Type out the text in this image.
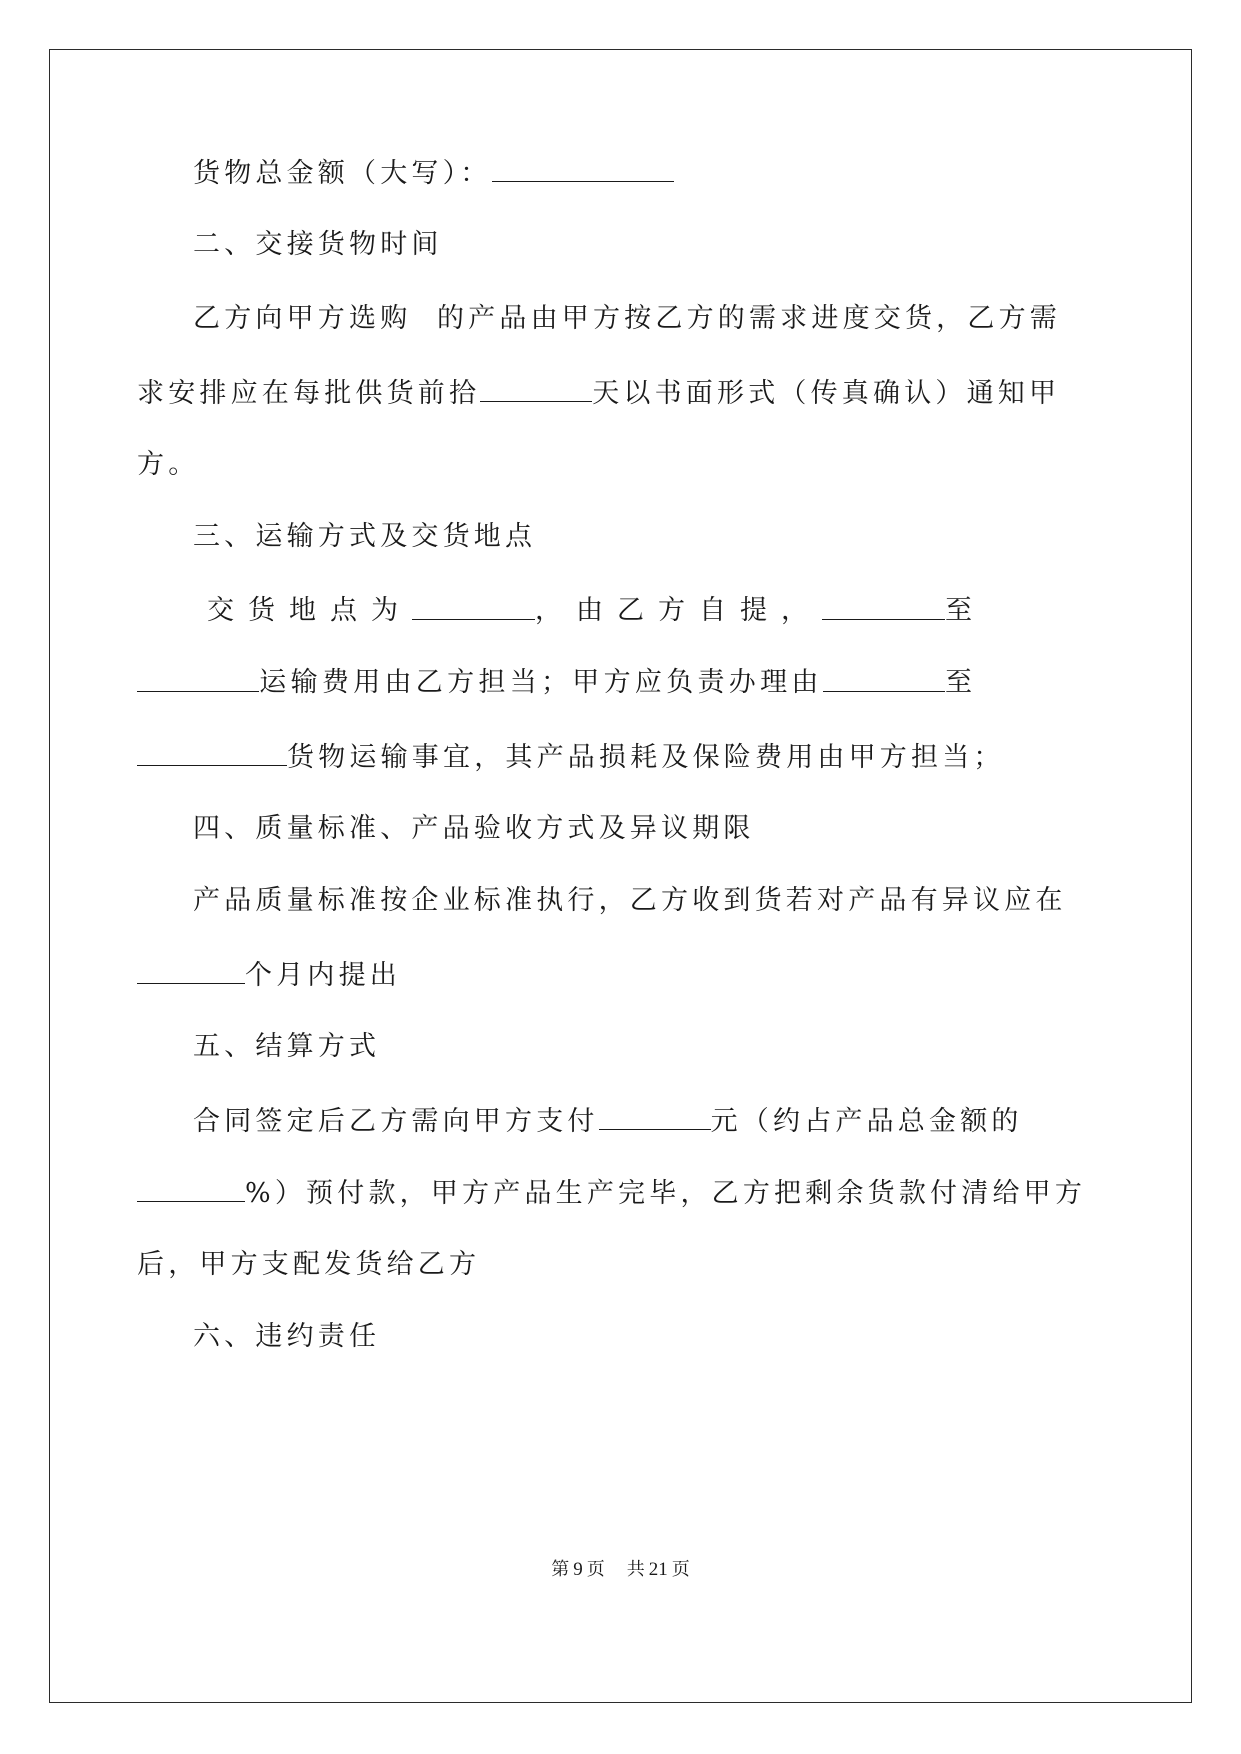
货物总金额（大写）：
二、交接货物时间
乙方向甲方选购  的产品由甲方按乙方的需求进度交货，乙方需
求安排应在每批供货前拾	天以书面形式（传真确认）通知甲
方。
三、运输方式及交货地点
交货地点为	，由乙方自提，	至
运输费用由乙方担当；甲方应负责办理由	至
货物运输事宜，其产品损耗及保险费用由甲方担当；
四、质量标准、产品验收方式及异议期限
产品质量标准按企业标准执行，乙方收到货若对产品有异议应在
个月内提出
五、结算方式
合同签定后乙方需向甲方支付	元（约占产品总金额的
%）预付款，甲方产品生产完毕，乙方把剩余货款付清给甲方
后，甲方支配发货给乙方
六、违约责任
第 9 页 共 21 页
